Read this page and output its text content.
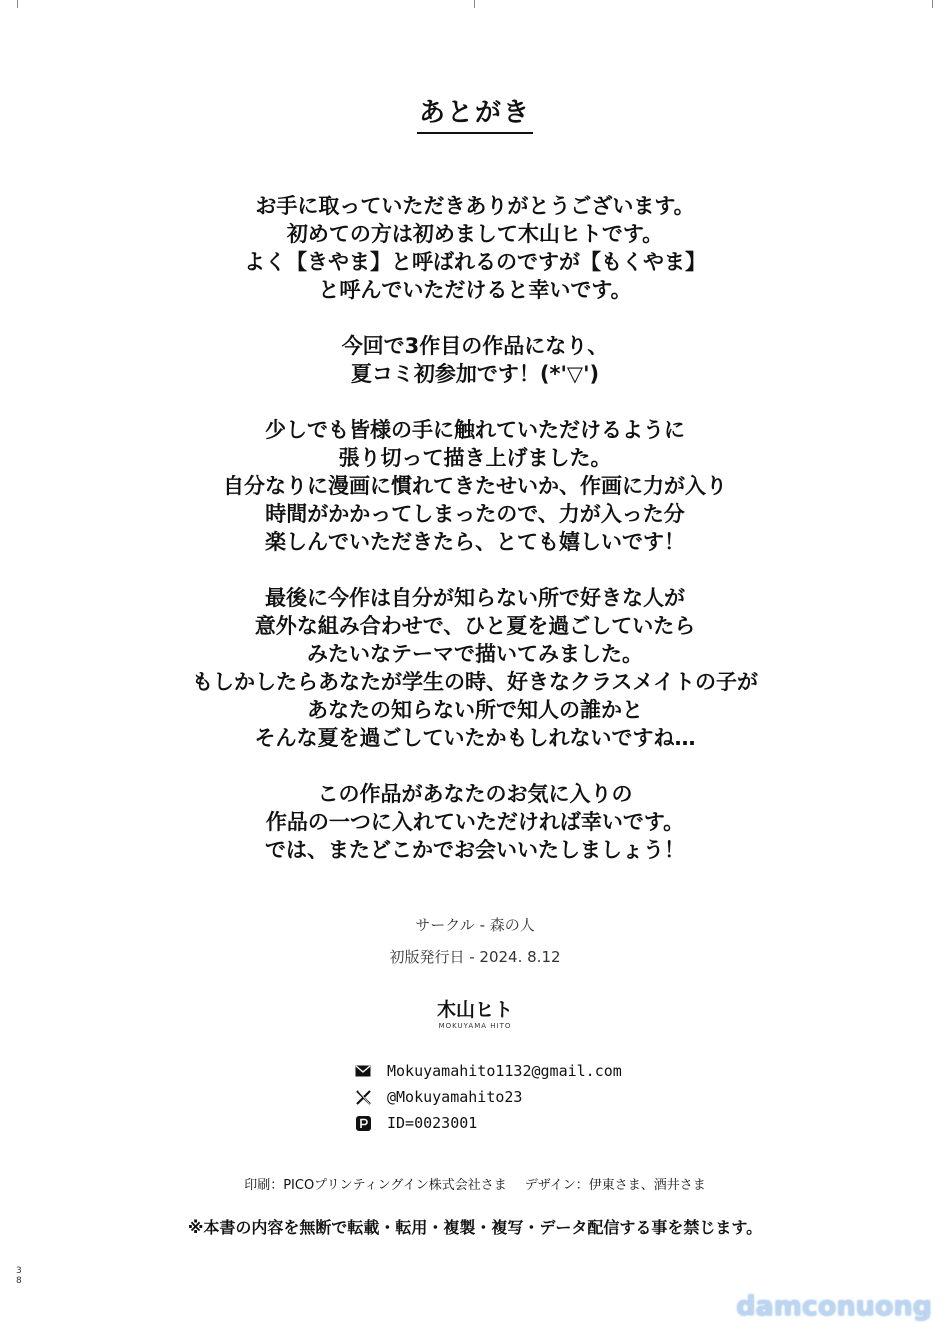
あとがき
お手に取っていただきありがとうございます。
初めての方は初めまして木山ヒトです。
よく【きやま】と呼ばれるのですが【もくやま】
と呼んでいただけると幸いです。
今回で3作目の作品になり、
夏コミ初参加です！(*'▽')
少しでも皆様の手に触れていただけるように
張り切って描き上げました。
自分なりに漫画に慣れてきたせいか、作画に力が入り
時間がかかってしまったので、力が入った分
楽しんでいただきたら、とても嬉しいです！
最後に今作は自分が知らない所で好きな人が
意外な組み合わせで、ひと夏を過ごしていたら
みたいなテーマで描いてみました。
もしかしたらあなたが学生の時、好きなクラスメイトの子が
あなたの知らない所で知人の誰かと
そんな夏を過ごしていたかもしれないですね…
この作品があなたのお気に入りの
作品の一つに入れていただければ幸いです。
では、またどこかでお会いいたしましょう！
サークル - 森の人
初版発行日 - 2024. 8.12
木山ヒト
MOKUYAMA HITO
Mokuyamahito1132@gmail.com
@Mokuyamahito23
ID=0023001
印刷：PICOプリンティングイン株式会社さま デザイン：伊東さま、酒井さま
※本書の内容を無断で転載・転用・複製・複写・データ配信する事を禁じます。
3
8
damconuong
